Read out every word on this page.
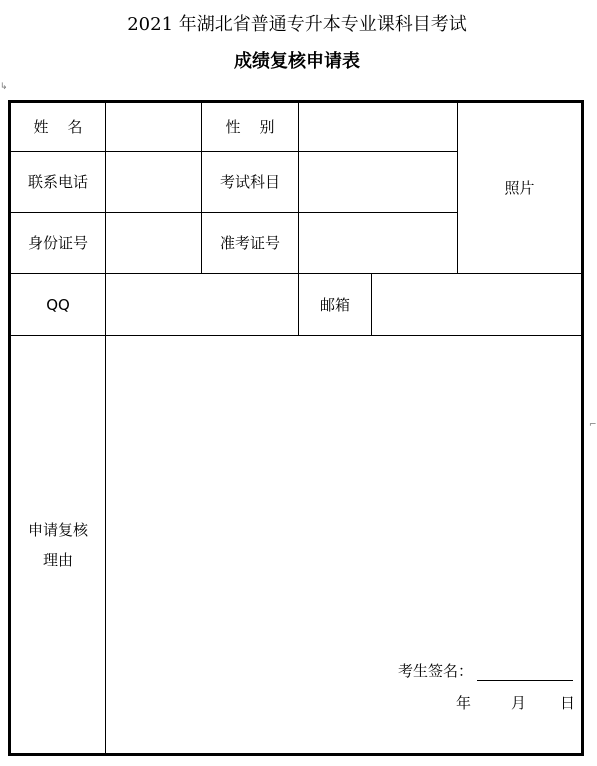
2021 年湖北省普通专升本专业课科目考试
成绩复核申请表
↳
⌐
姓    名	性    别
照片
联系电话	考试科目
身份证号	准考证号
QQ	邮箱
申请复核
理由
考生签名：
年	月 日
